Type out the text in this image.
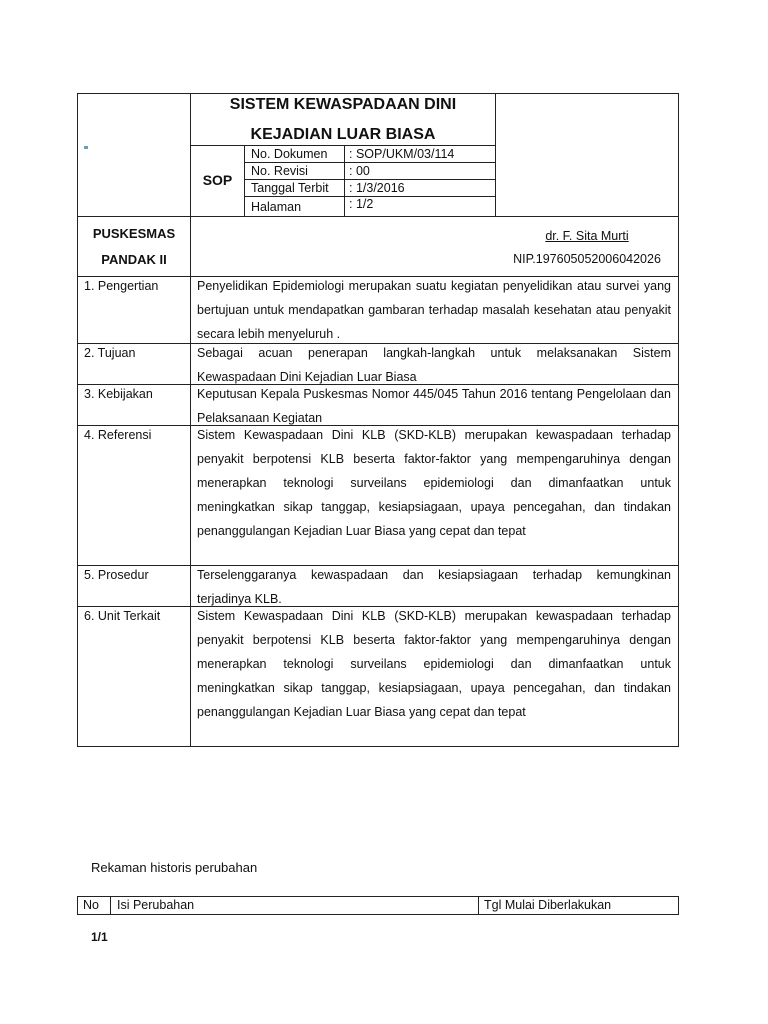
SISTEM KEWASPADAAN DINI
KEJADIAN LUAR BIASA
SOP
No. Dokumen : SOP/UKM/03/114
No. Revisi	: 00
Tanggal Terbit : 1/3/2016
Halaman	: 1/2
PUSKESMAS
PANDAK II
dr. F. Sita Murti
NIP.197605052006042026
1. Pengertian	Penyelidikan Epidemiologi merupakan suatu kegiatan penyelidikan atau survei yang bertujuan untuk mendapatkan gambaran terhadap masalah kesehatan atau penyakit secara lebih menyeluruh .
2. Tujuan	Sebagai acuan penerapan langkah-langkah untuk melaksanakan Sistem Kewaspadaan Dini Kejadian Luar Biasa
3. Kebijakan	Keputusan Kepala Puskesmas Nomor 445/045 Tahun 2016 tentang Pengelolaan dan Pelaksanaan Kegiatan
4. Referensi	Sistem Kewaspadaan Dini KLB (SKD-KLB) merupakan kewaspadaan terhadap penyakit berpotensi KLB beserta faktor-faktor yang mempengaruhinya dengan menerapkan teknologi surveilans epidemiologi dan dimanfaatkan untuk meningkatkan sikap tanggap, kesiapsiagaan, upaya pencegahan, dan tindakan penanggulangan Kejadian Luar Biasa yang cepat dan tepat
5. Prosedur	Terselenggaranya kewaspadaan dan kesiapsiagaan terhadap kemungkinan terjadinya KLB.
6. Unit Terkait	Sistem Kewaspadaan Dini KLB (SKD-KLB) merupakan kewaspadaan terhadap penyakit berpotensi KLB beserta faktor-faktor yang mempengaruhinya dengan menerapkan teknologi surveilans epidemiologi dan dimanfaatkan untuk meningkatkan sikap tanggap, kesiapsiagaan, upaya pencegahan, dan tindakan penanggulangan Kejadian Luar Biasa yang cepat dan tepat
Rekaman historis perubahan
No Isi Perubahan	Tgl Mulai Diberlakukan
1/1
